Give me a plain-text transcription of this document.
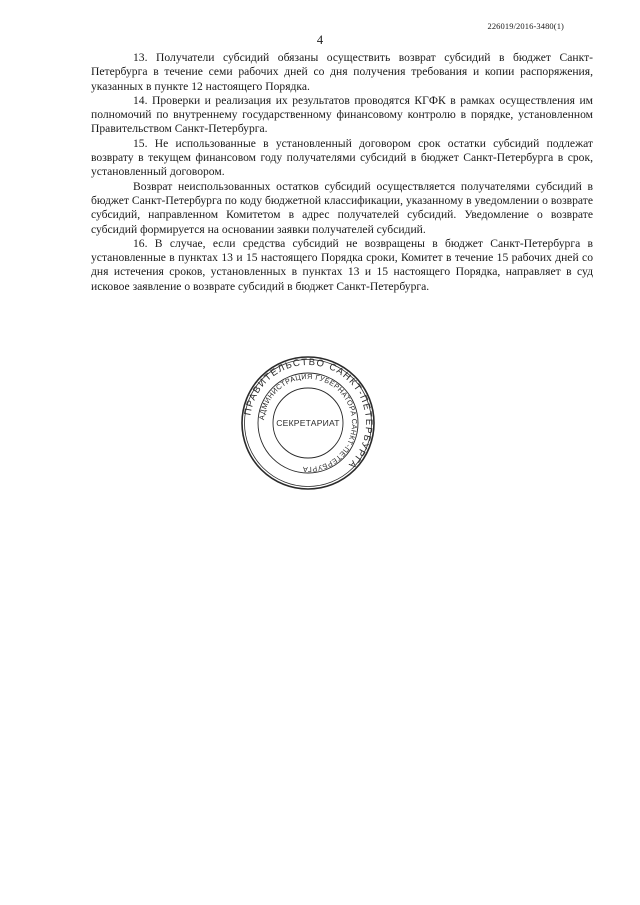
226019/2016-3480(1)
4

13. Получатели субсидий обязаны осуществить возврат субсидий в бюджет Санкт-Петербурга в течение семи рабочих дней со дня получения требования и копии распоряжения, указанных в пункте 12 настоящего Порядка.

14. Проверки и реализация их результатов проводятся КГФК в рамках осуществления им полномочий по внутреннему государственному финансовому контролю в порядке, установленном Правительством Санкт-Петербурга.

15. Не использованные в установленный договором срок остатки субсидий подлежат возврату в текущем финансовом году получателями субсидий в бюджет Санкт-Петербурга в срок, установленный договором.

Возврат неиспользованных остатков субсидий осуществляется получателями субсидий в бюджет Санкт-Петербурга по коду бюджетной классификации, указанному в уведомлении о возврате субсидий, направленном Комитетом в адрес получателей субсидий. Уведомление о возврате субсидий формируется на основании заявки получателей субсидий.

16. В случае, если средства субсидий не возвращены в бюджет Санкт-Петербурга в установленные в пунктах 13 и 15 настоящего Порядка сроки, Комитет в течение 15 рабочих дней со дня истечения сроков, установленных в пунктах 13 и 15 настоящего Порядка, направляет в суд исковое заявление о возврате субсидий в бюджет Санкт-Петербурга.

ПРАВИТЕЛЬСТВО САНКТ-ПЕТЕРБУРГА
АДМИНИСТРАЦИЯ ГУБЕРНАТОРА САНКТ-ПЕТЕРБУРГА
СЕКРЕТАРИАТ
